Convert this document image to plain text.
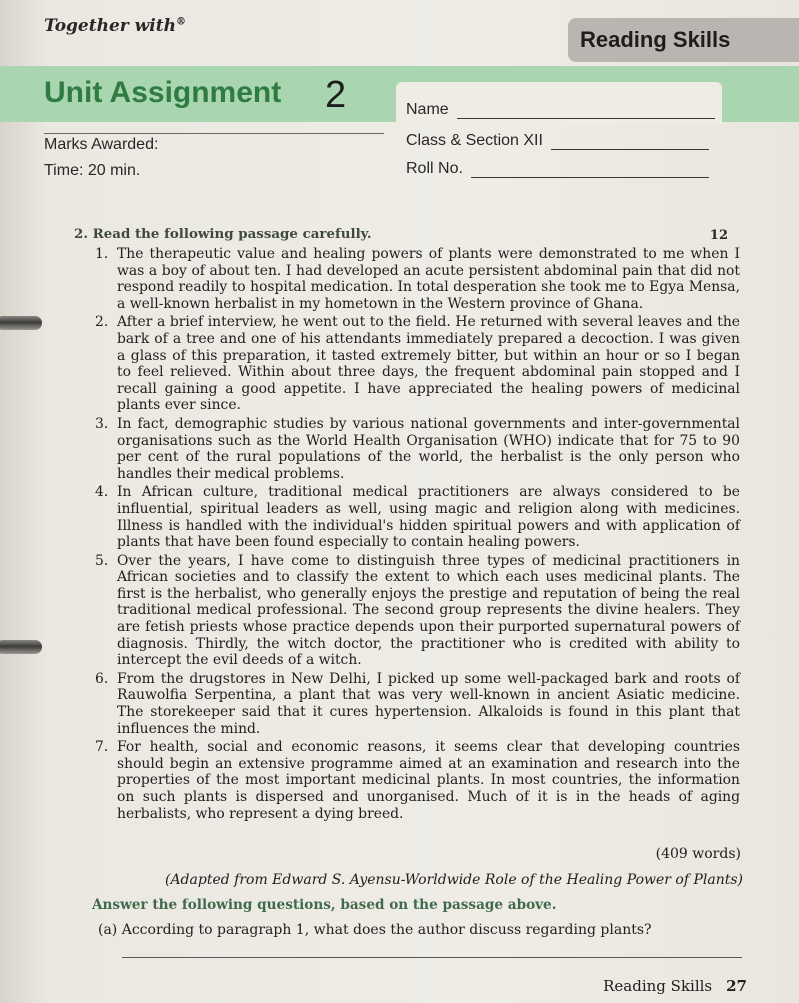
Together with®
Reading Skills
Unit Assignment 2	Name
Class & Section XII
Roll No.
Marks Awarded:
Time: 20 min.
2. Read the following passage carefully.	12
1. The therapeutic value and healing powers of plants were demonstrated to me when I was a boy of about ten. I had developed an acute persistent abdominal pain that did not respond readily to hospital medication. In total desperation she took me to Egya Mensa, a well-known herbalist in my hometown in the Western province of Ghana.
2. After a brief interview, he went out to the field. He returned with several leaves and the bark of a tree and one of his attendants immediately prepared a decoction. I was given a glass of this preparation, it tasted extremely bitter, but within an hour or so I began to feel relieved. Within about three days, the frequent abdominal pain stopped and I recall gaining a good appetite. I have appreciated the healing powers of medicinal plants ever since.
3. In fact, demographic studies by various national governments and inter-governmental organisations such as the World Health Organisation (WHO) indicate that for 75 to 90 per cent of the rural populations of the world, the herbalist is the only person who handles their medical problems.
4. In African culture, traditional medical practitioners are always considered to be influential, spiritual leaders as well, using magic and religion along with medicines. Illness is handled with the individual's hidden spiritual powers and with application of plants that have been found especially to contain healing powers.
5. Over the years, I have come to distinguish three types of medicinal practitioners in African societies and to classify the extent to which each uses medicinal plants. The first is the herbalist, who generally enjoys the prestige and reputation of being the real traditional medical professional. The second group represents the divine healers. They are fetish priests whose practice depends upon their purported supernatural powers of diagnosis. Thirdly, the witch doctor, the practitioner who is credited with ability to intercept the evil deeds of a witch.
6. From the drugstores in New Delhi, I picked up some well-packaged bark and roots of Rauwolfia Serpentina, a plant that was very well-known in ancient Asiatic medicine. The storekeeper said that it cures hypertension. Alkaloids is found in this plant that influences the mind.
7. For health, social and economic reasons, it seems clear that developing countries should begin an extensive programme aimed at an examination and research into the properties of the most important medicinal plants. In most countries, the information on such plants is dispersed and unorganised. Much of it is in the heads of aging herbalists, who represent a dying breed.
(409 words)
(Adapted from Edward S. Ayensu-Worldwide Role of the Healing Power of Plants)
Answer the following questions, based on the passage above.
(a) According to paragraph 1, what does the author discuss regarding plants?
Reading Skills 27
